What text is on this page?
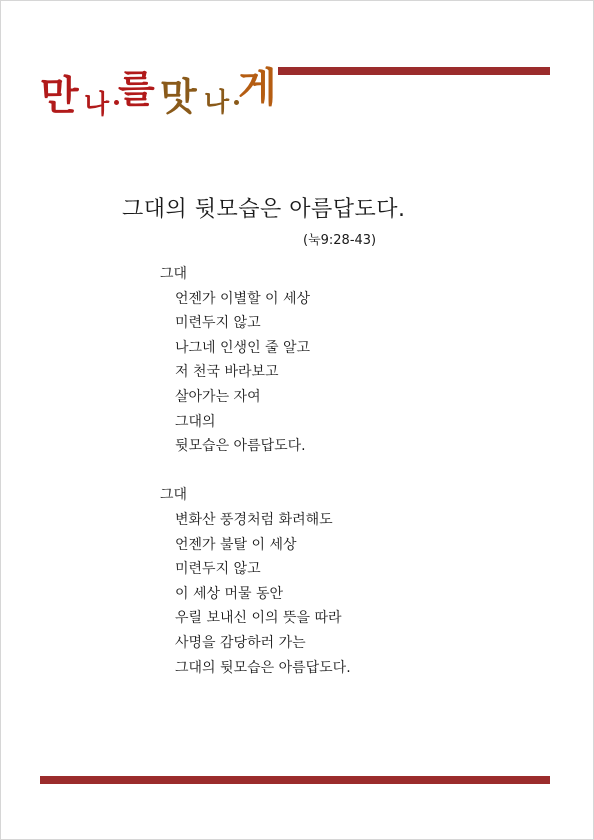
만 나 를 맛 나 게
그대의 뒷모습은 아름답도다.
(눅9:28-43)
그대
언젠가 이별할 이 세상
미련두지 않고
나그네 인생인 줄 알고
저 천국 바라보고
살아가는 자여
그대의
뒷모습은 아름답도다.
그대
변화산 풍경처럼 화려해도
언젠가 불탈 이 세상
미련두지 않고
이 세상 머물 동안
우릴 보내신 이의 뜻을 따라
사명을 감당하러 가는
그대의 뒷모습은 아름답도다.
